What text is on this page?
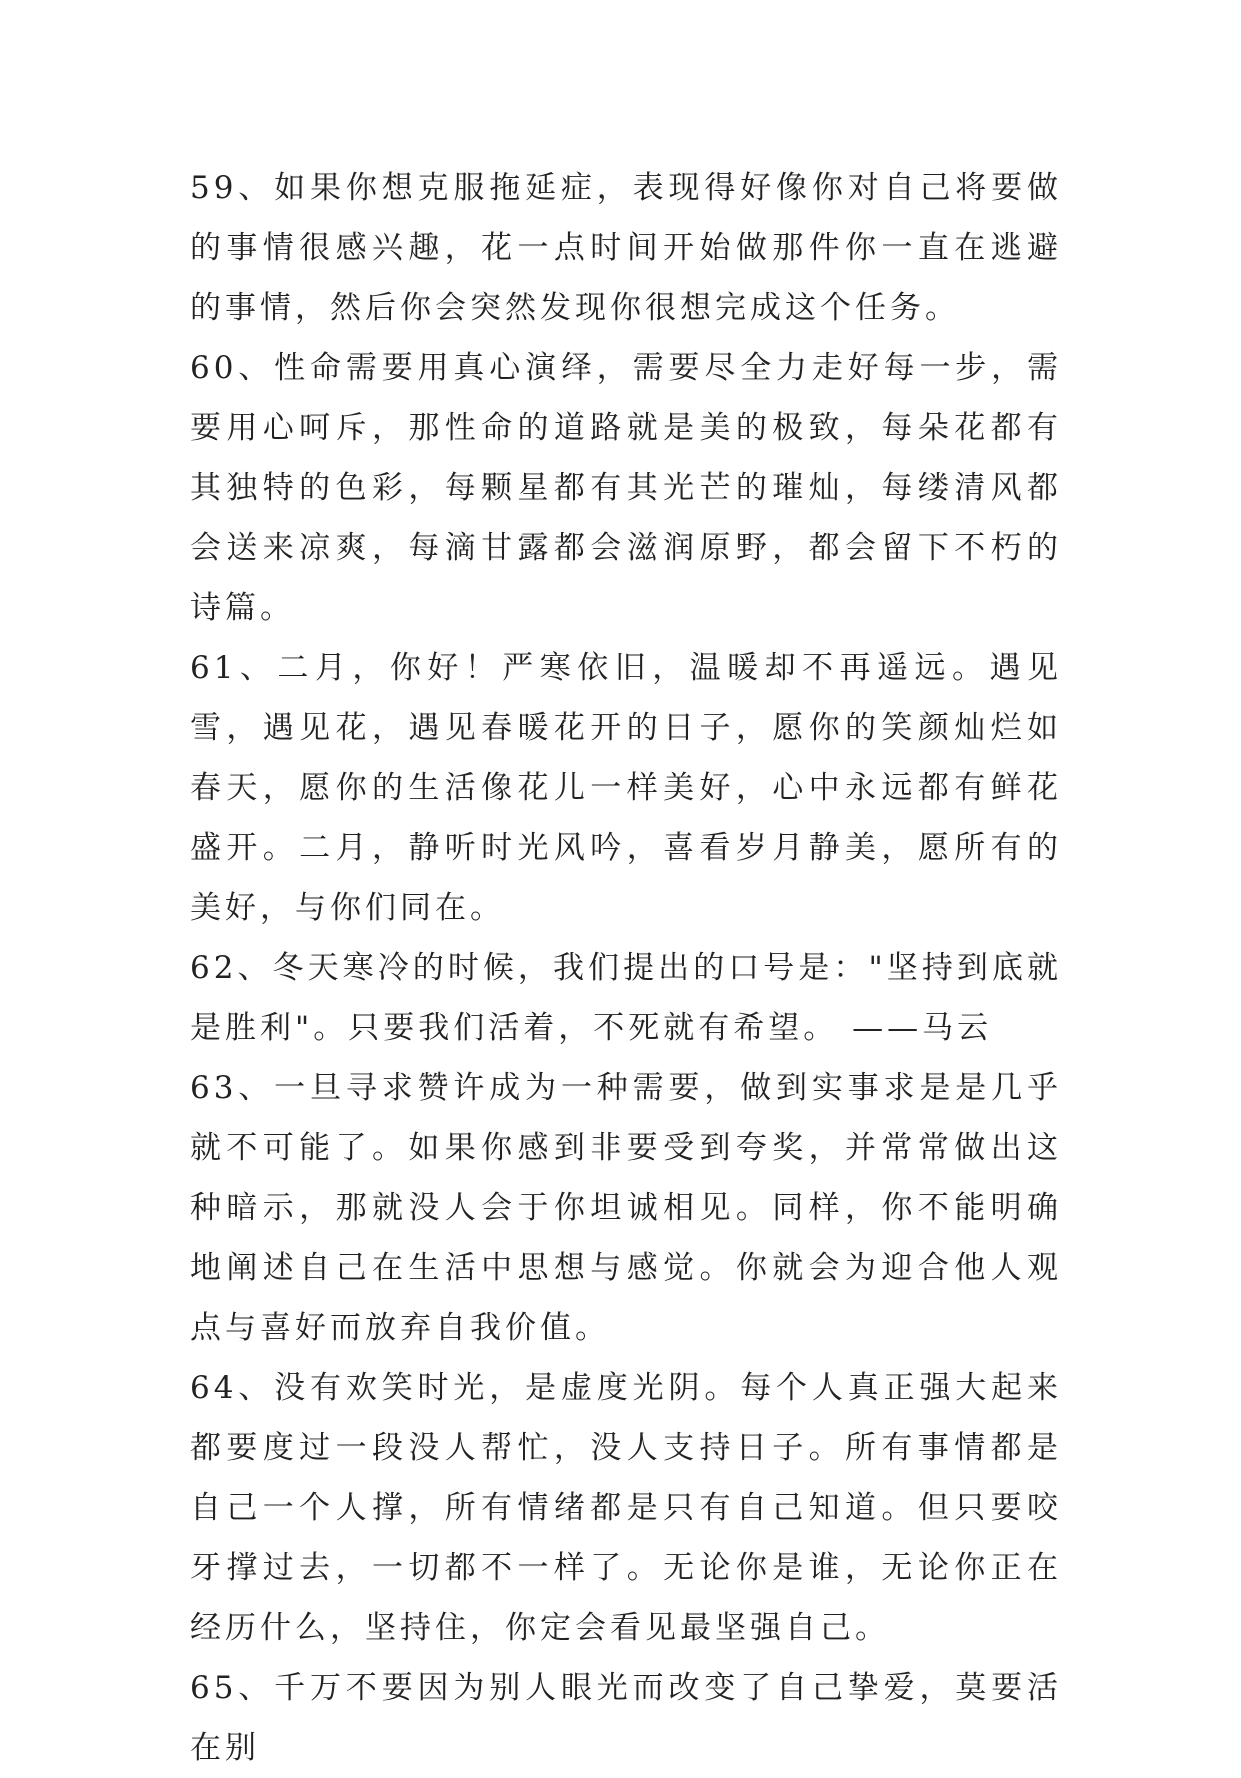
59、如果你想克服拖延症，表现得好像你对自己将要做的事情很感兴趣，花一点时间开始做那件你一直在逃避的事情，然后你会突然发现你很想完成这个任务。

60、性命需要用真心演绎，需要尽全力走好每一步，需要用心呵斥，那性命的道路就是美的极致，每朵花都有其独特的色彩，每颗星都有其光芒的璀灿，每缕清风都会送来凉爽，每滴甘露都会滋润原野，都会留下不朽的诗篇。

61、二月，你好！严寒依旧，温暖却不再遥远。遇见雪，遇见花，遇见春暖花开的日子，愿你的笑颜灿烂如春天，愿你的生活像花儿一样美好，心中永远都有鲜花盛开。二月，静听时光风吟，喜看岁月静美，愿所有的美好，与你们同在。

62、冬天寒冷的时候，我们提出的口号是："坚持到底就是胜利"。只要我们活着，不死就有希望。 ——马云

63、一旦寻求赞许成为一种需要，做到实事求是是几乎就不可能了。如果你感到非要受到夸奖，并常常做出这种暗示，那就没人会于你坦诚相见。同样，你不能明确地阐述自己在生活中思想与感觉。你就会为迎合他人观点与喜好而放弃自我价值。

64、没有欢笑时光，是虚度光阴。每个人真正强大起来都要度过一段没人帮忙，没人支持日子。所有事情都是自己一个人撑，所有情绪都是只有自己知道。但只要咬牙撑过去，一切都不一样了。无论你是谁，无论你正在经历什么，坚持住，你定会看见最坚强自己。

65、千万不要因为别人眼光而改变了自己挚爱，莫要活在别
